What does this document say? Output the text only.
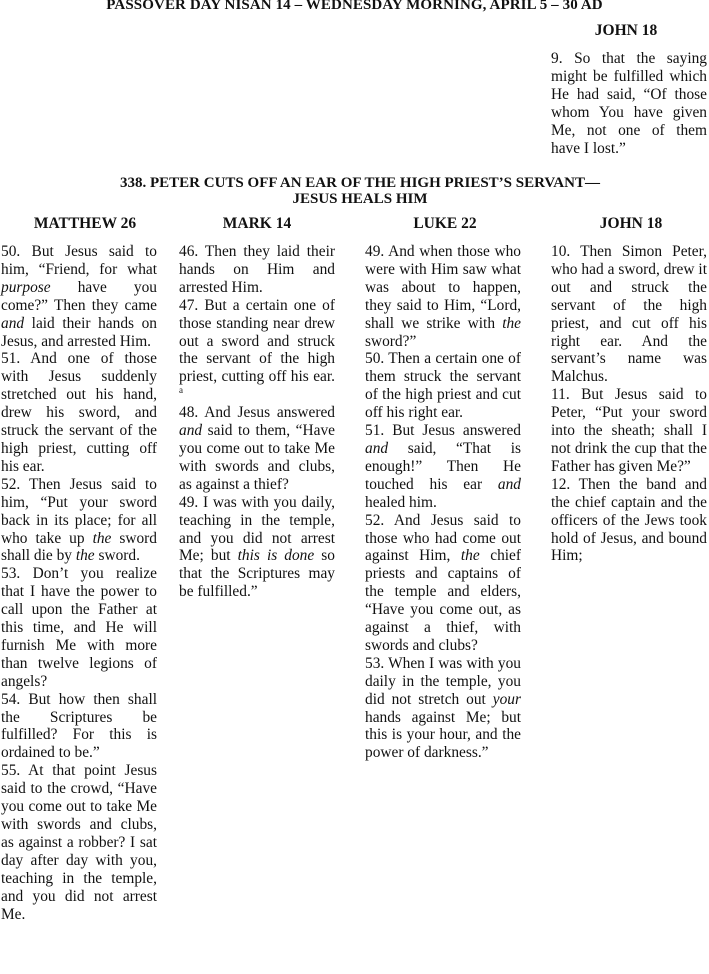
PASSOVER DAY NISAN 14 – WEDNESDAY MORNING, APRIL 5 – 30 AD
JOHN 18

9. So that the saying might be fulfilled which He had said, “Of those whom You have given Me, not one of them have I lost.”

338. PETER CUTS OFF AN EAR OF THE HIGH PRIEST’S SERVANT—
JESUS HEALS HIM
MATTHEW 26	MARK 14	LUKE 22	JOHN 18

50. But Jesus said to him, “Friend, for what purpose have you come?” Then they came and laid their hands on Jesus, and arrested Him.

51. And one of those with Jesus suddenly stretched out his hand, drew his sword, and struck the servant of the high priest, cutting off his ear.

52. Then Jesus said to him, “Put your sword back in its place; for all who take up the sword shall die by the sword.

53. Don’t you realize that I have the power to call upon the Father at this time, and He will furnish Me with more than twelve legions of angels?

54. But how then shall the Scriptures be fulfilled? For this is ordained to be.”

55. At that point Jesus said to the crowd, “Have you come out to take Me with swords and clubs, as against a robber? I sat day after day with you, teaching in the temple, and you did not arrest Me.

46. Then they laid their hands on Him and arrested Him.

47. But a certain one of those standing near drew out a sword and struck the servant of the high priest, cutting off his ear. $^a$

48. And Jesus answered and said to them, “Have you come out to take Me with swords and clubs, as against a thief?

49. I was with you daily, teaching in the temple, and you did not arrest Me; but this is done so that the Scriptures may be fulfilled.”

49. And when those who were with Him saw what was about to happen, they said to Him, “Lord, shall we strike with the sword?”

50. Then a certain one of them struck the servant of the high priest and cut off his right ear.

51. But Jesus answered and said, “That is enough!” Then He touched his ear and healed him.

52. And Jesus said to those who had come out against Him, the chief priests and captains of the temple and elders, “Have you come out, as against a thief, with swords and clubs?

53. When I was with you daily in the temple, you did not stretch out your hands against Me; but this is your hour, and the power of darkness.”

10. Then Simon Peter, who had a sword, drew it out and struck the servant of the high priest, and cut off his right ear. And the servant’s name was Malchus.

11. But Jesus said to Peter, “Put your sword into the sheath; shall I not drink the cup that the Father has given Me?”

12. Then the band and the chief captain and the officers of the Jews took hold of Jesus, and bound Him;
